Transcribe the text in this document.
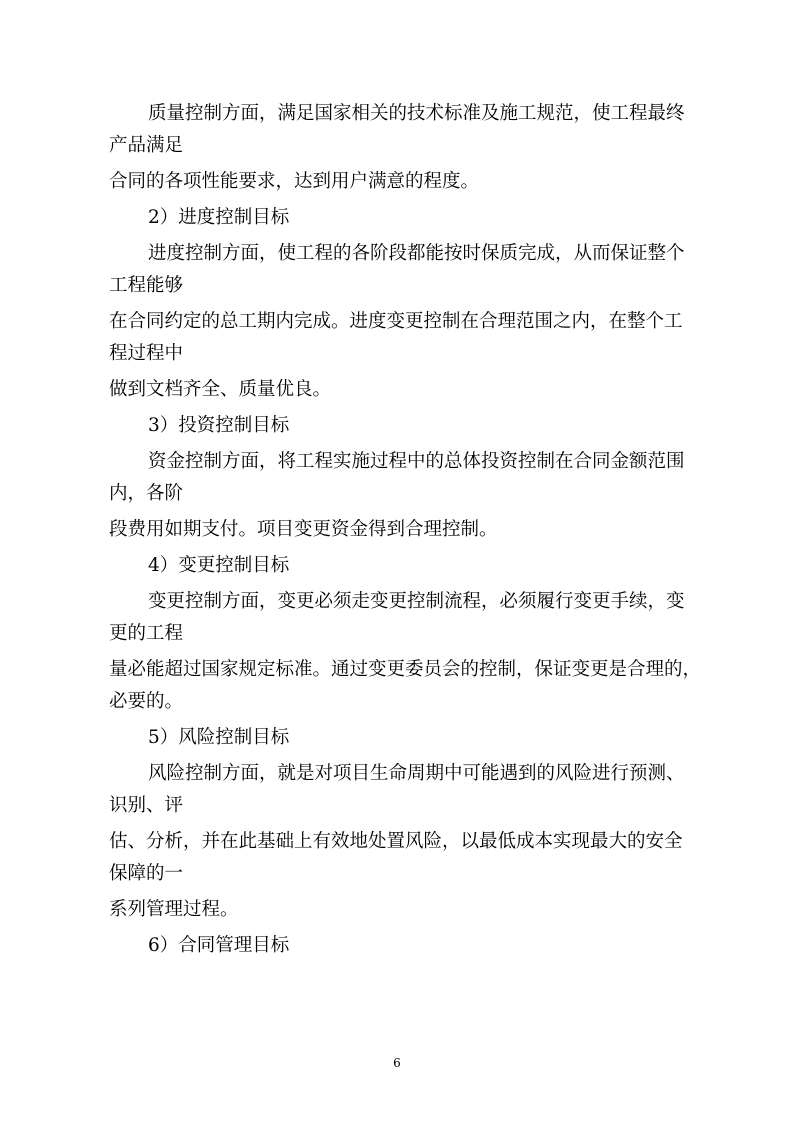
质量控制方面，满足国家相关的技术标准及施工规范，使工程最终
产品满足
合同的各项性能要求，达到用户满意的程度。
2）进度控制目标
进度控制方面，使工程的各阶段都能按时保质完成，从而保证整个
工程能够
在合同约定的总工期内完成。进度变更控制在合理范围之内，在整个工
程过程中
做到文档齐全、质量优良。
3）投资控制目标
资金控制方面，将工程实施过程中的总体投资控制在合同金额范围
内，各阶
段费用如期支付。项目变更资金得到合理控制。
4）变更控制目标
变更控制方面，变更必须走变更控制流程，必须履行变更手续，变
更的工程
量必能超过国家规定标准。通过变更委员会的控制，保证变更是合理的，
必要的。
5）风险控制目标
风险控制方面，就是对项目生命周期中可能遇到的风险进行预测、
识别、评
估、分析，并在此基础上有效地处置风险，以最低成本实现最大的安全
保障的一
系列管理过程。
6）合同管理目标
6
